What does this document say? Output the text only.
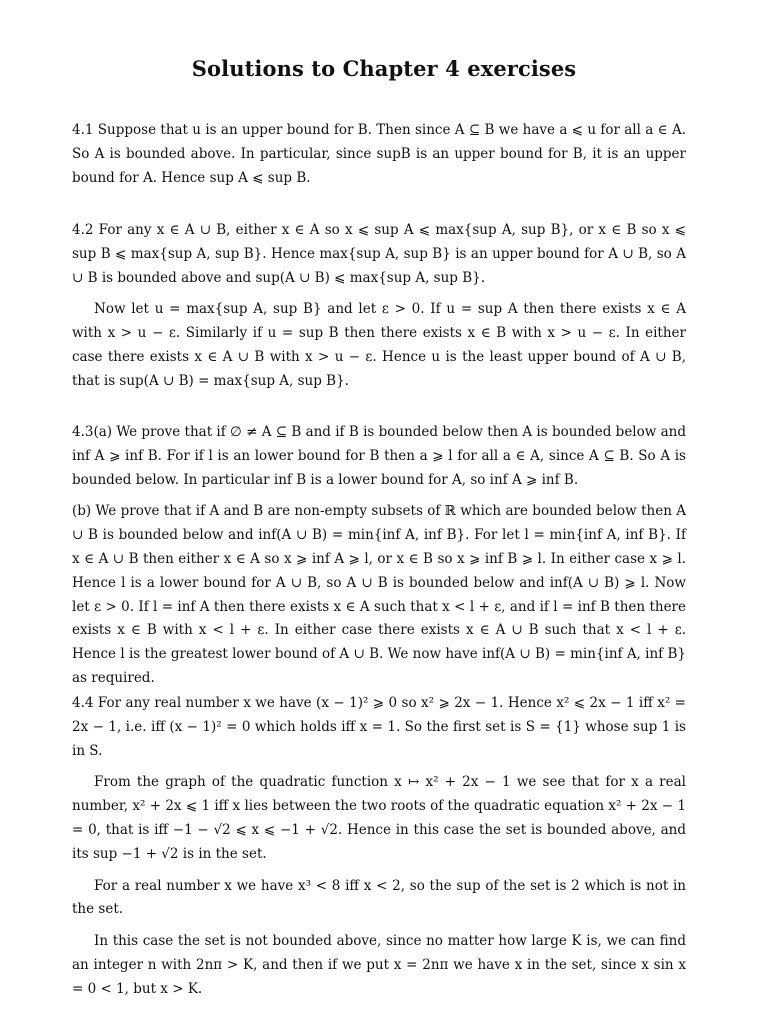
Solutions to Chapter 4 exercises

4.1 Suppose that u is an upper bound for B. Then since A ⊆ B we have a ⩽ u for all a ∈ A. So A is bounded above. In particular, since supB is an upper bound for B, it is an upper bound for A. Hence sup A ⩽ sup B.

4.2 For any x ∈ A ∪ B, either x ∈ A so x ⩽ sup A ⩽ max{sup A, sup B}, or x ∈ B so x ⩽ sup B ⩽ max{sup A, sup B}. Hence max{sup A, sup B} is an upper bound for A ∪ B, so A ∪ B is bounded above and sup(A ∪ B) ⩽ max{sup A, sup B}.

Now let u = max{sup A, sup B} and let ε > 0. If u = sup A then there exists x ∈ A with x > u − ε. Similarly if u = sup B then there exists x ∈ B with x > u − ε. In either case there exists x ∈ A ∪ B with x > u − ε. Hence u is the least upper bound of A ∪ B, that is sup(A ∪ B) = max{sup A, sup B}.

4.3(a) We prove that if ∅ ≠ A ⊆ B and if B is bounded below then A is bounded below and inf A ⩾ inf B. For if l is an lower bound for B then a ⩾ l for all a ∈ A, since A ⊆ B. So A is bounded below. In particular inf B is a lower bound for A, so inf A ⩾ inf B.

(b) We prove that if A and B are non-empty subsets of ℝ which are bounded below then A ∪ B is bounded below and inf(A ∪ B) = min{inf A, inf B}. For let l = min{inf A, inf B}. If x ∈ A ∪ B then either x ∈ A so x ⩾ inf A ⩾ l, or x ∈ B so x ⩾ inf B ⩾ l. In either case x ⩾ l. Hence l is a lower bound for A ∪ B, so A ∪ B is bounded below and inf(A ∪ B) ⩾ l. Now let ε > 0. If l = inf A then there exists x ∈ A such that x < l + ε, and if l = inf B then there exists x ∈ B with x < l + ε. In either case there exists x ∈ A ∪ B such that x < l + ε. Hence l is the greatest lower bound of A ∪ B. We now have inf(A ∪ B) = min{inf A, inf B} as required.

4.4 For any real number x we have (x − 1)² ⩾ 0 so x² ⩾ 2x − 1. Hence x² ⩽ 2x − 1 iff x² = 2x − 1, i.e. iff (x − 1)² = 0 which holds iff x = 1. So the first set is S = {1} whose sup 1 is in S.

From the graph of the quadratic function x ↦ x² + 2x − 1 we see that for x a real number, x² + 2x ⩽ 1 iff x lies between the two roots of the quadratic equation x² + 2x − 1 = 0, that is iff −1 − √2 ⩽ x ⩽ −1 + √2. Hence in this case the set is bounded above, and its sup −1 + √2 is in the set.

For a real number x we have x³ < 8 iff x < 2, so the sup of the set is 2 which is not in the set.

In this case the set is not bounded above, since no matter how large K is, we can find an integer n with 2nπ > K, and then if we put x = 2nπ we have x in the set, since x sin x = 0 < 1, but x > K.
